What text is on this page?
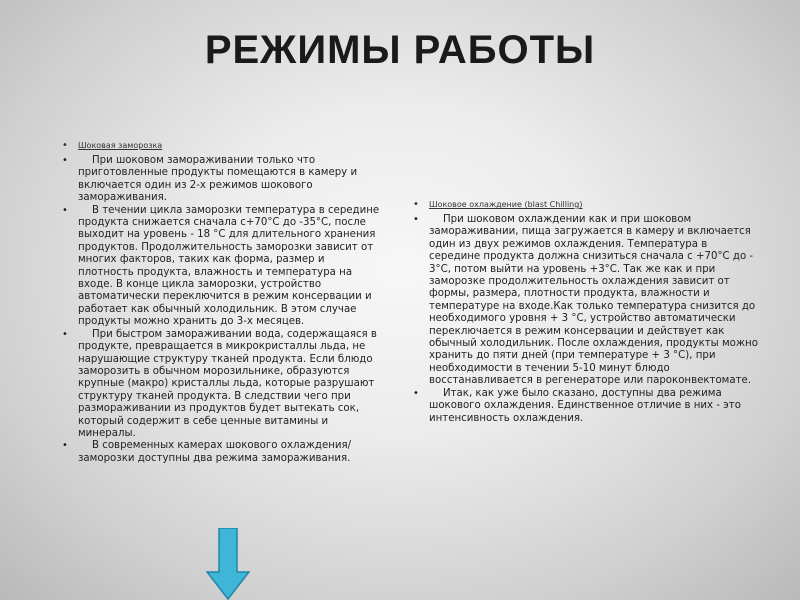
РЕЖИМЫ РАБОТЫ
• Шоковая заморозка
• При шоковом замораживании только что приготовленные продукты помещаются в камеру и включается один из 2-х режимов шокового замораживания.
• В течении цикла заморозки температура в середине продукта снижается сначала с+70°С до -35°С, после выходит на уровень - 18 °С для длительного хранения продуктов. Продолжительность заморозки зависит от многих факторов, таких как форма, размер и плотность продукта, влажность и температура на входе. В конце цикла заморозки, устройство автоматически переключится в режим консервации и работает как обычный холодильник. В этом случае продукты можно хранить до 3-х месяцев.
• При быстром замораживании вода, содержащаяся в продукте, превращается в микрокристаллы льда, не нарушающие структуру тканей продукта. Если блюдо заморозить в обычном морозильнике, образуются крупные (макро) кристаллы льда, которые разрушают структуру тканей продукта. В следствии чего при размораживании из продуктов будет вытекать сок, который содержит в себе ценные витамины и минералы.
• В современных камерах шокового охлаждения/заморозки доступны два режима замораживания.
• Шоковое охлаждение (blast Chilling)
• При шоковом охлаждении как и при шоковом замораживании, пища загружается в камеру и включается один из двух режимов охлаждения. Температура в середине продукта должна снизиться сначала с +70°С до - 3°С, потом выйти на уровень +3°С. Так же как и при заморозке продолжительность охлаждения зависит от формы, размера, плотности продукта, влажности и температуре на входе.Как только температура снизится до необходимого уровня + 3 °С, устройство автоматически переключается в режим консервации и действует как обычный холодильник. После охлаждения, продукты можно хранить до пяти дней (при температуре + 3 °С), при необходимости в течении 5-10 минут блюдо восстанавливается в регенераторе или пароконвектомате.
• Итак, как уже было сказано, доступны два режима шокового охлаждения. Единственное отличие в них - это интенсивность охлаждения.
